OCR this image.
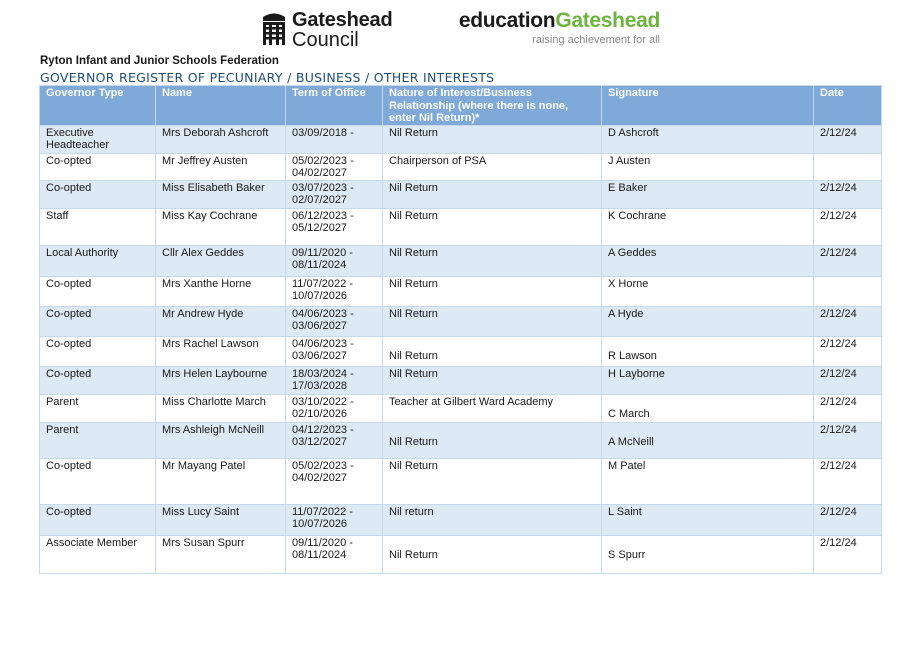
Gateshead
Council
educationGateshead
raising achievement for all
Ryton Infant and Junior Schools Federation
GOVERNOR REGISTER OF PECUNIARY / BUSINESS / OTHER INTERESTS
Governor Type	Name	Term of Office	Nature of Interest/Business Relationship (where there is none, enter Nil Return)*	Signature	Date
Executive Headteacher	Mrs Deborah Ashcroft	03/09/2018 -	Nil Return	D Ashcroft	2/12/24
Co-opted	Mr Jeffrey Austen	05/02/2023 - 04/02/2027	Chairperson of PSA	J Austen	
Co-opted	Miss Elisabeth Baker	03/07/2023 - 02/07/2027	Nil Return	E Baker	2/12/24
Staff	Miss Kay Cochrane	06/12/2023 - 05/12/2027	Nil Return	K Cochrane	2/12/24
Local Authority	Cllr Alex Geddes	09/11/2020 - 08/11/2024	Nil Return	A Geddes	2/12/24
Co-opted	Mrs Xanthe Horne	11/07/2022 - 10/07/2026	Nil Return	X Horne	
Co-opted	Mr Andrew Hyde	04/06/2023 - 03/06/2027	Nil Return	A Hyde	2/12/24
Co-opted	Mrs Rachel Lawson	04/06/2023 - 03/06/2027	Nil Return	R Lawson	2/12/24
Co-opted	Mrs Helen Laybourne	18/03/2024 - 17/03/2028	Nil Return	H Layborne	2/12/24
Parent	Miss Charlotte March	03/10/2022 - 02/10/2026	Teacher at Gilbert Ward Academy	C March	2/12/24
Parent	Mrs Ashleigh McNeill	04/12/2023 - 03/12/2027	Nil Return	A McNeill	2/12/24
Co-opted	Mr Mayang Patel	05/02/2023 - 04/02/2027	Nil Return	M Patel	2/12/24
Co-opted	Miss Lucy Saint	11/07/2022 - 10/07/2026	Nil return	L Saint	2/12/24
Associate Member	Mrs Susan Spurr	09/11/2020 - 08/11/2024	Nil Return	S Spurr	2/12/24
